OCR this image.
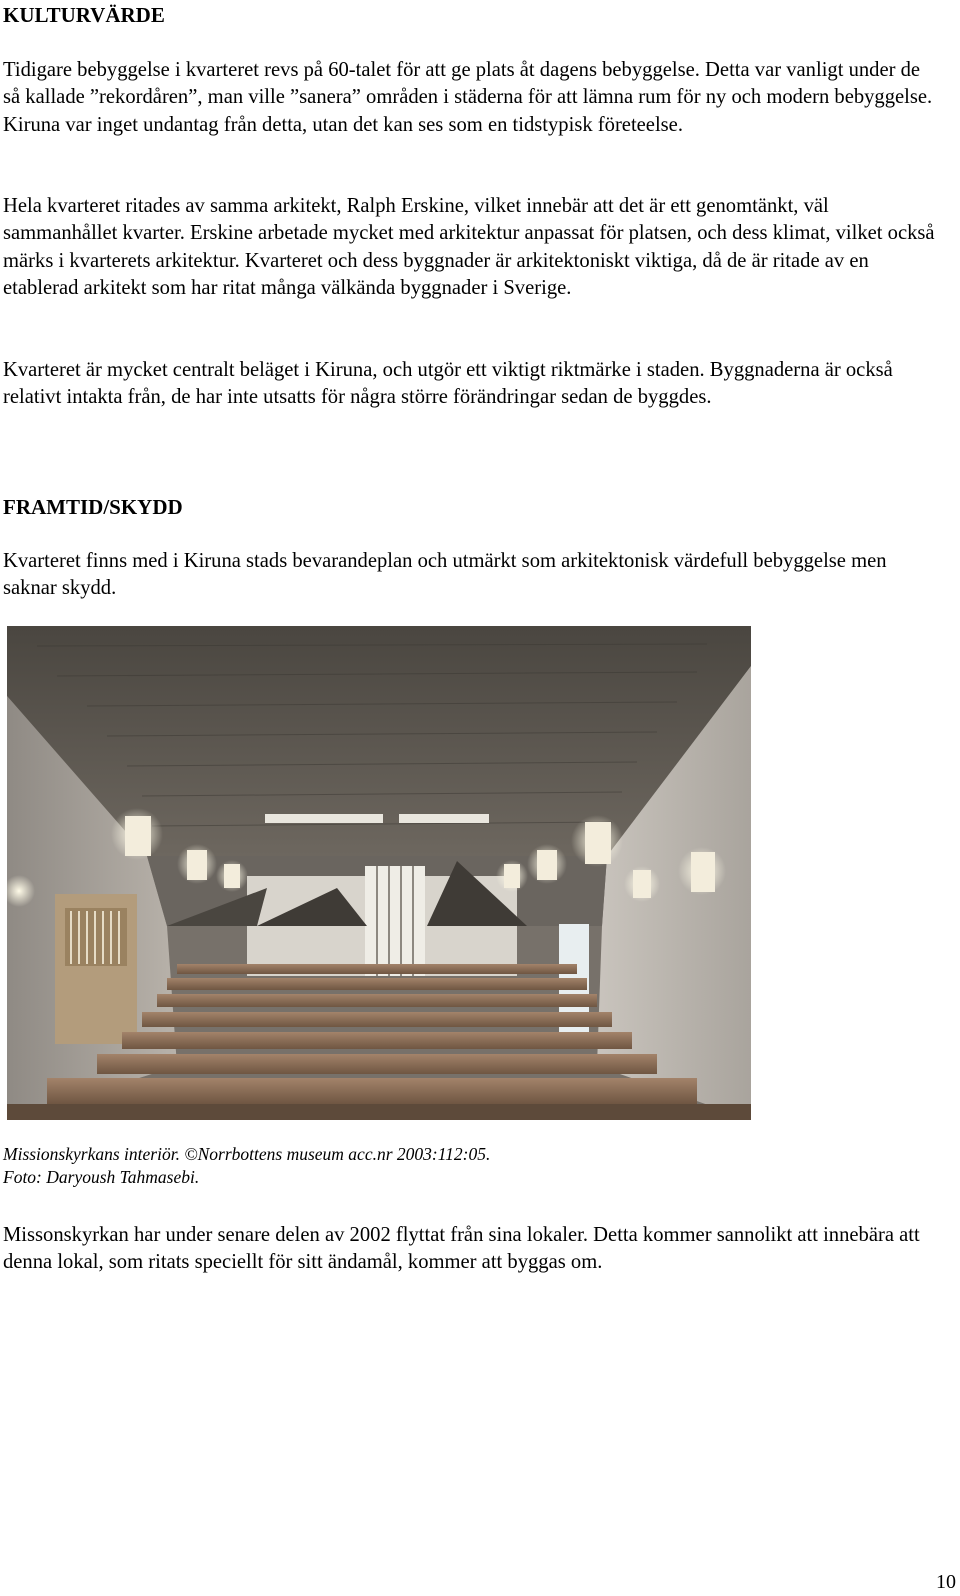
KULTURVÄRDE

Tidigare bebyggelse i kvarteret revs på 60-talet för att ge plats åt dagens bebyggelse. Detta var vanligt under de så kallade ”rekordåren”, man ville ”sanera” områden i städerna för att lämna rum för ny och modern bebyggelse. Kiruna var inget undantag från detta, utan det kan ses som en tidstypisk företeelse.

Hela kvarteret ritades av samma arkitekt, Ralph Erskine, vilket innebär att det är ett genomtänkt, väl sammanhållet kvarter. Erskine arbetade mycket med arkitektur anpassat för platsen, och dess klimat, vilket också märks i kvarterets arkitektur. Kvarteret och dess byggnader är arkitektoniskt viktiga, då de är ritade av en etablerad arkitekt som har ritat många välkända byggnader i Sverige.

Kvarteret är mycket centralt beläget i Kiruna, och utgör ett viktigt riktmärke i staden. Byggnaderna är också relativt intakta från, de har inte utsatts för några större förändringar sedan de byggdes.

FRAMTID/SKYDD

Kvarteret finns med i Kiruna stads bevarandeplan och utmärkt som arkitektonisk värdefull bebyggelse men saknar skydd.

Missionskyrkans interiör. ©Norrbottens museum acc.nr 2003:112:05.
Foto: Daryoush Tahmasebi.

Missonskyrkan har under senare delen av 2002 flyttat från sina lokaler. Detta kommer sannolikt att innebära att denna lokal, som ritats speciellt för sitt ändamål, kommer att byggas om.

10
